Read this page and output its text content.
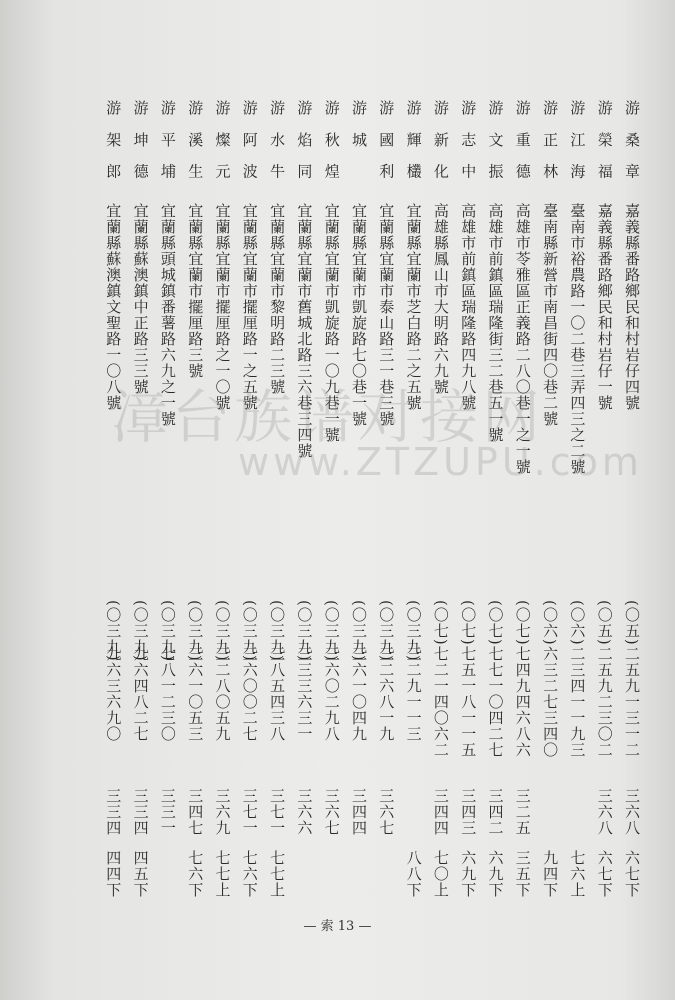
游 桑 章
嘉義縣番路鄉民和村岩仔四號
(〇五)
二五九一三一二
三六八
六七下
游 榮 福
嘉義縣番路鄉民和村岩仔一號
(〇五)
二五九二三〇二
三六八
六七下
游 江 海
臺南市裕農路一〇二巷三弄四三之二號
(〇六)
二三四一一九三
七六上
游 正 林
臺南縣新營市南昌街四〇巷二號
(〇六)
六三二七三四〇
九四下
游 重 德
高雄市苓雅區正義路二八〇巷一之一號
(〇七)
七四九四六八六
三二五
三五下
游 文 振
高雄市前鎮區瑞隆街三二巷五一號
(〇七)
七七一〇四二七
三四二
六九下
游 志 中
高雄市前鎮區瑞隆路四九八號
(〇七)
七五一八一一五
三四三
六九下
游 新 化
高雄縣鳳山市大明路六九號
(〇七)
七二一四〇六二
三四四
七〇上
游 輝 欉
宜蘭縣宜蘭市芝白路二之五號
(〇三九)
三二九一一三
八八下
游 國 利
宜蘭縣宜蘭市泰山路三一巷三號
(〇三九)
三二六八一九
三六七
游 城
宜蘭縣宜蘭市凱旋路七〇巷一號
(〇三九)
三六一〇四九
三四四
游 秋 煌
宜蘭縣宜蘭市凱旋路一〇九巷一號
(〇三九)
三六〇二九八
三六七
游 焰 同
宜蘭縣宜蘭市舊城北路三六巷三四號
(〇三九)
三三三六三一
三六六
游 水 牛
宜蘭縣宜蘭市黎明路二三號
(〇三九)
三八五四三八
三七一
七七上
游 阿 波
宜蘭縣宜蘭市擺厘路一之五號
(〇三九)
三六〇〇二七
三七一
七六下
游 燦 元
宜蘭縣宜蘭市擺厘路之一〇號
(〇三九)
三二八〇五九
三六九
七七上
游 溪 生
宜蘭縣宜蘭市擺厘路三號
(〇三九)
三六一〇五三
三四七
七六下
游 平 埔
宜蘭縣頭城鎮番薯路六九之一號
(〇三九)
七八一二三〇
三三一
游 坤 德
宜蘭縣蘇澳鎮中正路三三號
(〇三九)
九六四八二七
三三四
四五下
游 架 郎
宜蘭縣蘇澳鎮文聖路一〇八號
(〇三九)
九六三六九〇
三三四
四四下
漳台族谱对接网
www.ZTZUPU.com
— 索 13 —
